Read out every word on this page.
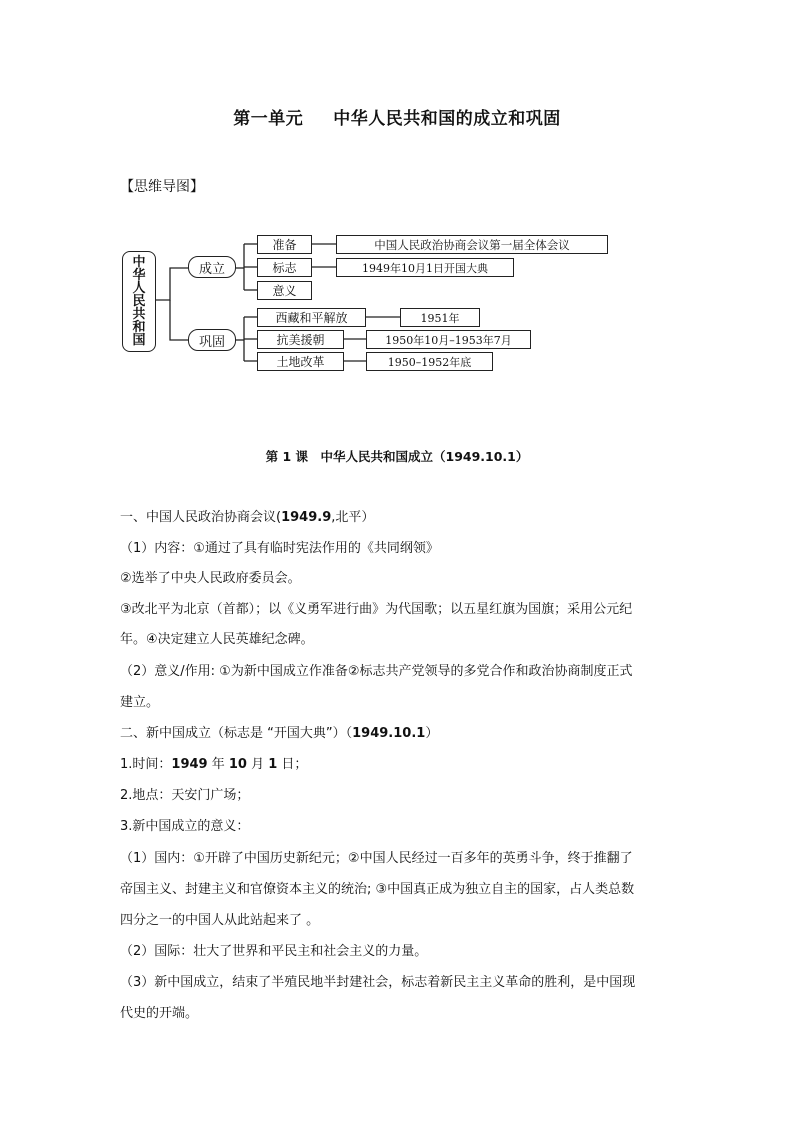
第一单元 中华人民共和国的成立和巩固
【思维导图】
中
华
人
民
共
和
国
成立
巩固
准备	中国人民政治协商会议第一届全体会议
标志	1949年10月1日开国大典
意义
西藏和平解放	1951年
抗美援朝	1950年10月–1953年7月
土地改革	1950–1952年底
第 1 课　中华人民共和国成立（1949.10.1）
一、中国人民政治协商会议(1949.9,北平）
（1）内容：①通过了具有临时宪法作用的《共同纲领》
②选举了中央人民政府委员会。
③改北平为北京（首都）；以《义勇军进行曲》为代国歌；以五星红旗为国旗；采用公元纪
年。④决定建立人民英雄纪念碑。
（2）意义/作用: ①为新中国成立作准备②标志共产党领导的多党合作和政治协商制度正式
建立。
二、新中国成立（标志是 “开国大典”）（1949.10.1）
1.时间：1949 年 10 月 1 日；
2.地点：天安门广场；
3.新中国成立的意义：
（1）国内：①开辟了中国历史新纪元；②中国人民经过一百多年的英勇斗争，终于推翻了
帝国主义、封建主义和官僚资本主义的统治; ③中国真正成为独立自主的国家，占人类总数
四分之一的中国人从此站起来了 。
（2）国际：壮大了世界和平民主和社会主义的力量。
（3）新中国成立，结束了半殖民地半封建社会，标志着新民主主义革命的胜利，是中国现
代史的开端。
